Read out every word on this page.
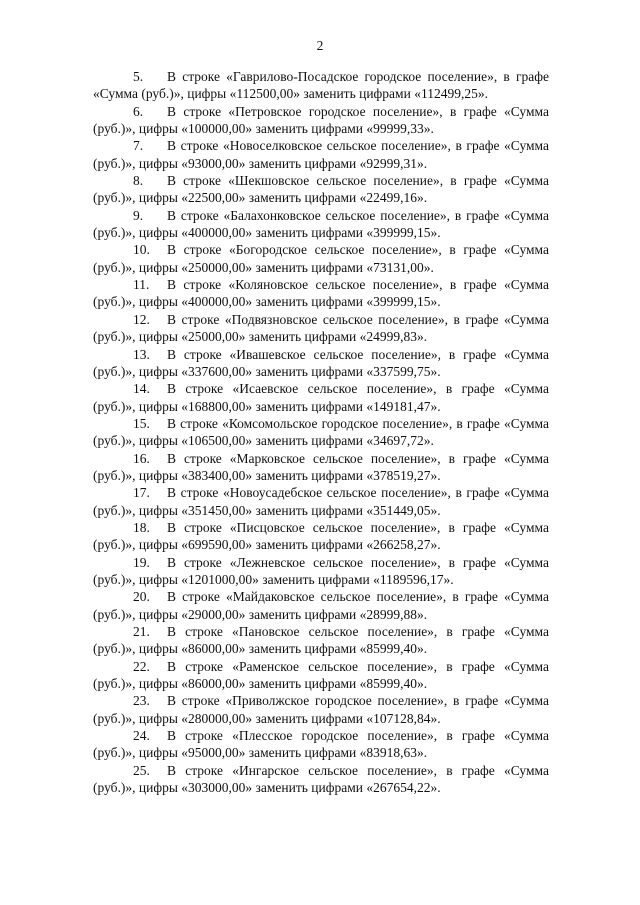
2

5. В строке «Гаврилово-Посадское городское поселение», в графе «Сумма (руб.)», цифры «112500,00» заменить цифрами «112499,25».

6. В строке «Петровское городское поселение», в графе «Сумма (руб.)», цифры «100000,00» заменить цифрами «99999,33».

7. В строке «Новоселковское сельское поселение», в графе «Сумма (руб.)», цифры «93000,00» заменить цифрами «92999,31».

8. В строке «Шекшовское сельское поселение», в графе «Сумма (руб.)», цифры «22500,00» заменить цифрами «22499,16».

9. В строке «Балахонковское сельское поселение», в графе «Сумма (руб.)», цифры «400000,00» заменить цифрами «399999,15».

10. В строке «Богородское сельское поселение», в графе «Сумма (руб.)», цифры «250000,00» заменить цифрами «73131,00».

11. В строке «Коляновское сельское поселение», в графе «Сумма (руб.)», цифры «400000,00» заменить цифрами «399999,15».

12. В строке «Подвязновское сельское поселение», в графе «Сумма (руб.)», цифры «25000,00» заменить цифрами «24999,83».

13. В строке «Ивашевское сельское поселение», в графе «Сумма (руб.)», цифры «337600,00» заменить цифрами «337599,75».

14. В строке «Исаевское сельское поселение», в графе «Сумма (руб.)», цифры «168800,00» заменить цифрами «149181,47».

15. В строке «Комсомольское городское поселение», в графе «Сумма (руб.)», цифры «106500,00» заменить цифрами «34697,72».

16. В строке «Марковское сельское поселение», в графе «Сумма (руб.)», цифры «383400,00» заменить цифрами «378519,27».

17. В строке «Новоусадебское сельское поселение», в графе «Сумма (руб.)», цифры «351450,00» заменить цифрами «351449,05».

18. В строке «Писцовское сельское поселение», в графе «Сумма (руб.)», цифры «699590,00» заменить цифрами «266258,27».

19. В строке «Лежневское сельское поселение», в графе «Сумма (руб.)», цифры «1201000,00» заменить цифрами «1189596,17».

20. В строке «Майдаковское сельское поселение», в графе «Сумма (руб.)», цифры «29000,00» заменить цифрами «28999,88».

21. В строке «Пановское сельское поселение», в графе «Сумма (руб.)», цифры «86000,00» заменить цифрами «85999,40».

22. В строке «Раменское сельское поселение», в графе «Сумма (руб.)», цифры «86000,00» заменить цифрами «85999,40».

23. В строке «Приволжское городское поселение», в графе «Сумма (руб.)», цифры «280000,00» заменить цифрами «107128,84».

24. В строке «Плесское городское поселение», в графе «Сумма (руб.)», цифры «95000,00» заменить цифрами «83918,63».

25. В строке «Ингарское сельское поселение», в графе «Сумма (руб.)», цифры «303000,00» заменить цифрами «267654,22».
